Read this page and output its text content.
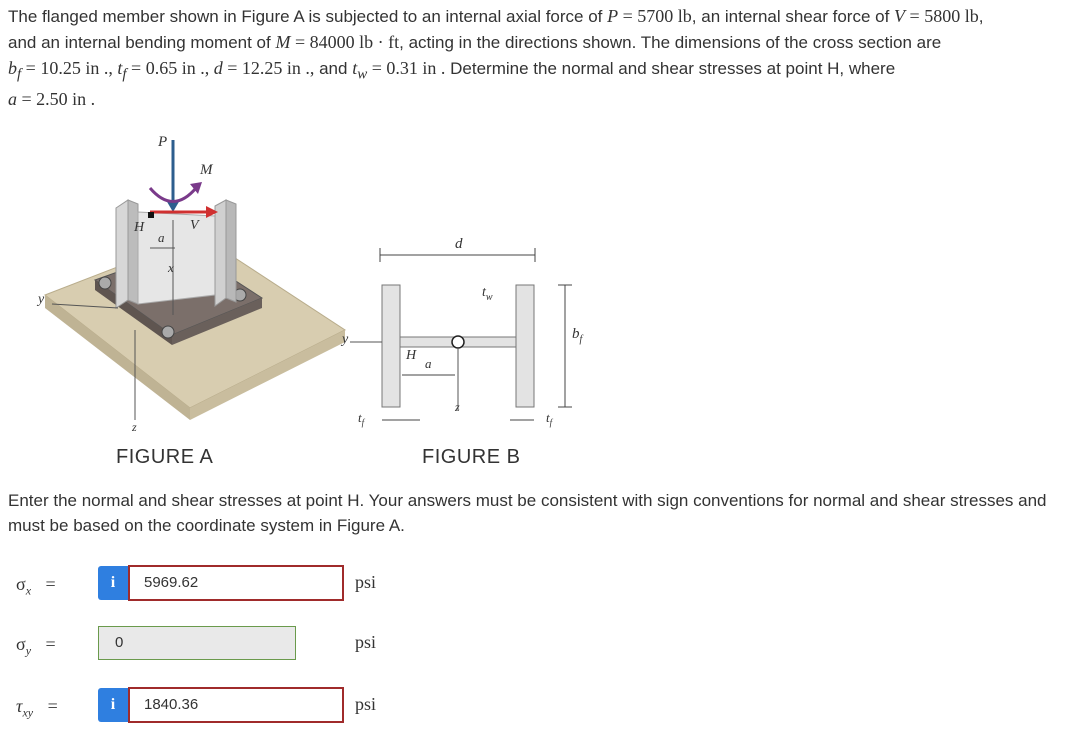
The flanged member shown in Figure A is subjected to an internal axial force of P = 5700 lb, an internal shear force of V = 5800 lb,
and an internal bending moment of M = 84000 lb · ft, acting in the directions shown. The dimensions of the cross section are
$b_f = 10.25$ in ., $t_f = 0.65$ in ., d = 12.25 in ., and $t_w = 0.31$ in . Determine the normal and shear stresses at point H, where
a = 2.50 in .
P
M
V
H
a
x
y
z
d
$t_w$
$b_f$
y
H
a
z
$t_f$	$t_f$
FIGURE A	FIGURE B
Enter the normal and shear stresses at point H. Your answers must be consistent with sign conventions for normal and shear stresses and must be based on the coordinate system in Figure A.
$\sigma_x$ =	i	5969.62	psi
$\sigma_y$ =	0	psi
$\tau_{xy}$ =	i	1840.36	psi
